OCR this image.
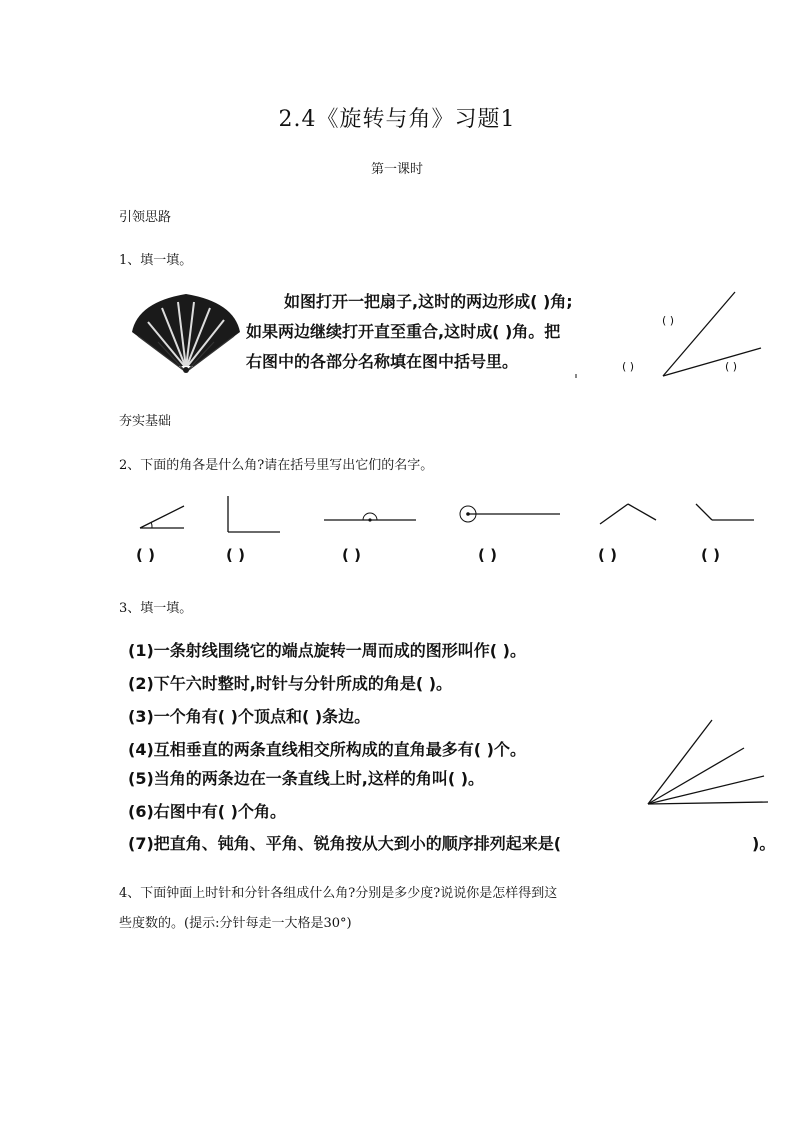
2.4《旋转与角》习题1
第一课时
引领思路
1、填一填。
如图打开一把扇子,这时的两边形成( )角;
如果两边继续打开直至重合,这时成( )角。把
右图中的各部分名称填在图中括号里。
( )
( )	( )
夯实基础
2、下面的角各是什么角?请在括号里写出它们的名字。
( )	( )	( )	( )	( )	( )
3、填一填。
(1)一条射线围绕它的端点旋转一周而成的图形叫作( )。
(2)下午六时整时,时针与分针所成的角是( )。
(3)一个角有( )个顶点和( )条边。
(4)互相垂直的两条直线相交所构成的直角最多有( )个。
(5)当角的两条边在一条直线上时,这样的角叫( )。
(6)右图中有( )个角。
(7)把直角、钝角、平角、锐角按从大到小的顺序排列起来是(	)。
4、下面钟面上时针和分针各组成什么角?分别是多少度?说说你是怎样得到这
些度数的。(提示:分针每走一大格是30°)
